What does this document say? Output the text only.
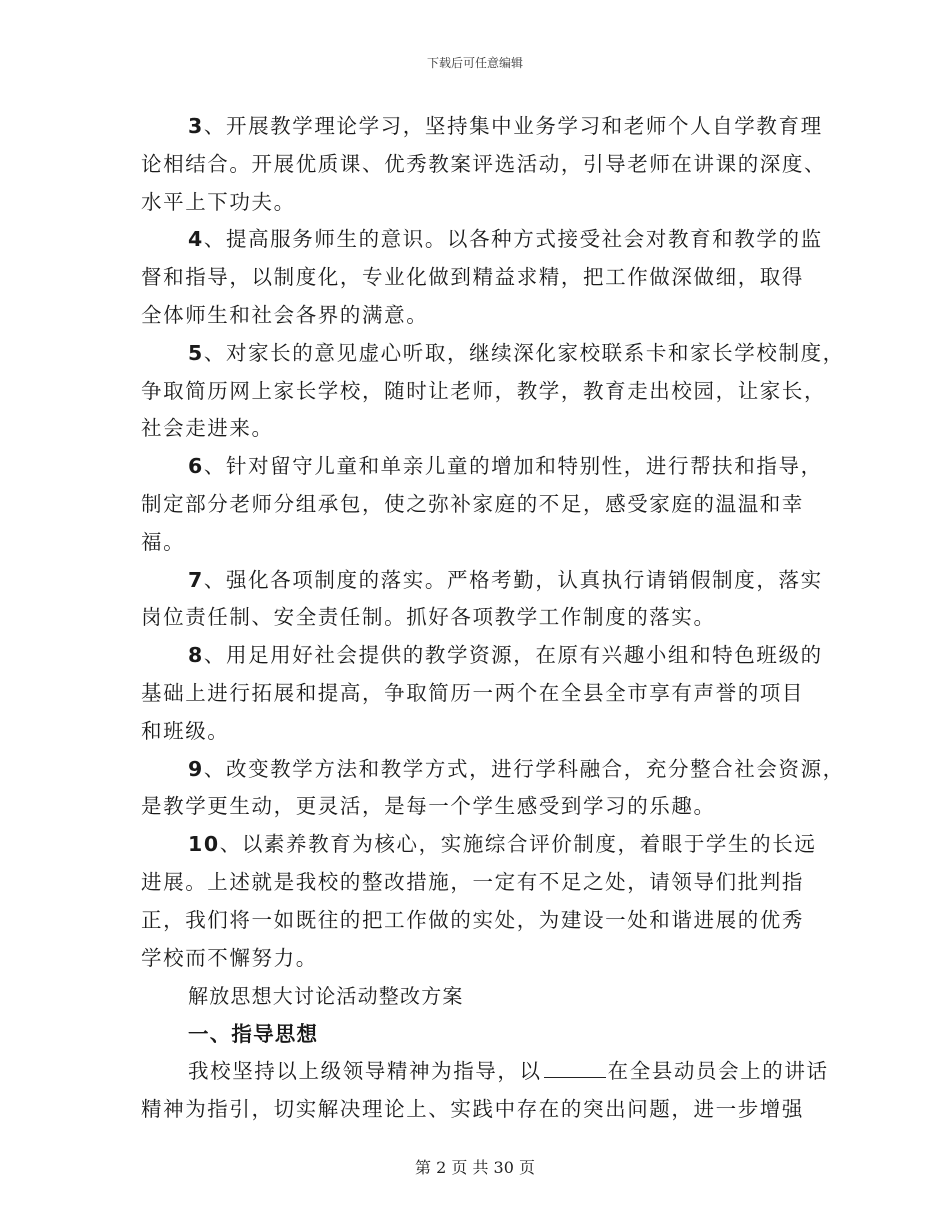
下载后可任意编辑
3、开展教学理论学习，坚持集中业务学习和老师个人自学教育理
论相结合。开展优质课、优秀教案评选活动，引导老师在讲课的深度、
水平上下功夫。
4、提高服务师生的意识。以各种方式接受社会对教育和教学的监
督和指导，以制度化，专业化做到精益求精，把工作做深做细，取得
全体师生和社会各界的满意。
5、对家长的意见虚心听取，继续深化家校联系卡和家长学校制度，
争取简历网上家长学校，随时让老师，教学，教育走出校园，让家长，
社会走进来。
6、针对留守儿童和单亲儿童的增加和特别性，进行帮扶和指导，
制定部分老师分组承包，使之弥补家庭的不足，感受家庭的温温和幸
福。
7、强化各项制度的落实。严格考勤，认真执行请销假制度，落实
岗位责任制、安全责任制。抓好各项教学工作制度的落实。
8、用足用好社会提供的教学资源，在原有兴趣小组和特色班级的
基础上进行拓展和提高，争取简历一两个在全县全市享有声誉的项目
和班级。
9、改变教学方法和教学方式，进行学科融合，充分整合社会资源，
是教学更生动，更灵活，是每一个学生感受到学习的乐趣。
10、以素养教育为核心，实施综合评价制度，着眼于学生的长远
进展。上述就是我校的整改措施，一定有不足之处，请领导们批判指
正，我们将一如既往的把工作做的实处，为建设一处和谐进展的优秀
学校而不懈努力。
解放思想大讨论活动整改方案
一、指导思想
我校坚持以上级领导精神为指导，以	在全县动员会上的讲话
精神为指引，切实解决理论上、实践中存在的突出问题，进一步增强
第 2 页 共 30 页
